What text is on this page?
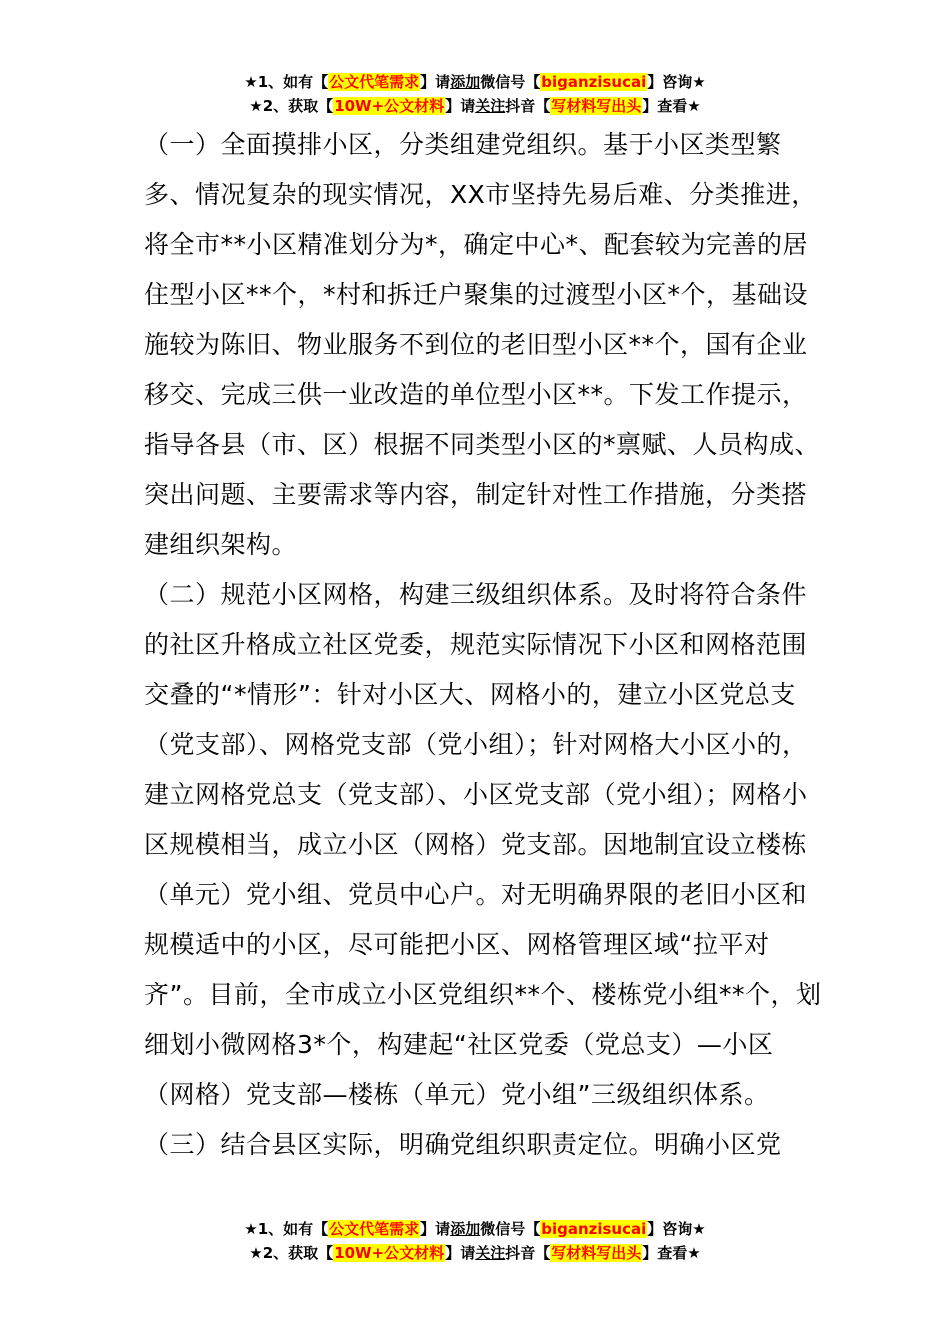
★1、如有【公文代笔需求】请添加微信号【biganzisucai】咨询★
★2、获取【10W+公文材料】请关注抖音【写材料写出头】查看★

（一）全面摸排小区，分类组建党组织。基于小区类型繁多、情况复杂的现实情况，XX市坚持先易后难、分类推进，将全市**小区精准划分为*，确定中心*、配套较为完善的居住型小区**个，*村和拆迁户聚集的过渡型小区*个，基础设施较为陈旧、物业服务不到位的老旧型小区**个，国有企业移交、完成三供一业改造的单位型小区**。下发工作提示，指导各县（市、区）根据不同类型小区的*禀赋、人员构成、突出问题、主要需求等内容，制定针对性工作措施，分类搭建组织架构。

（二）规范小区网格，构建三级组织体系。及时将符合条件的社区升格成立社区党委，规范实际情况下小区和网格范围交叠的“*情形”：针对小区大、网格小的，建立小区党总支（党支部）、网格党支部（党小组）；针对网格大小区小的，建立网格党总支（党支部）、小区党支部（党小组）；网格小区规模相当，成立小区（网格）党支部。因地制宜设立楼栋（单元）党小组、党员中心户。对无明确界限的老旧小区和规模适中的小区，尽可能把小区、网格管理区域“拉平对齐”。目前，全市成立小区党组织**个、楼栋党小组**个，划细划小微网格3*个，构建起“社区党委（党总支）—小区（网格）党支部—楼栋（单元）党小组”三级组织体系。

（三）结合县区实际，明确党组织职责定位。明确小区党

★1、如有【公文代笔需求】请添加微信号【biganzisucai】咨询★
★2、获取【10W+公文材料】请关注抖音【写材料写出头】查看★
